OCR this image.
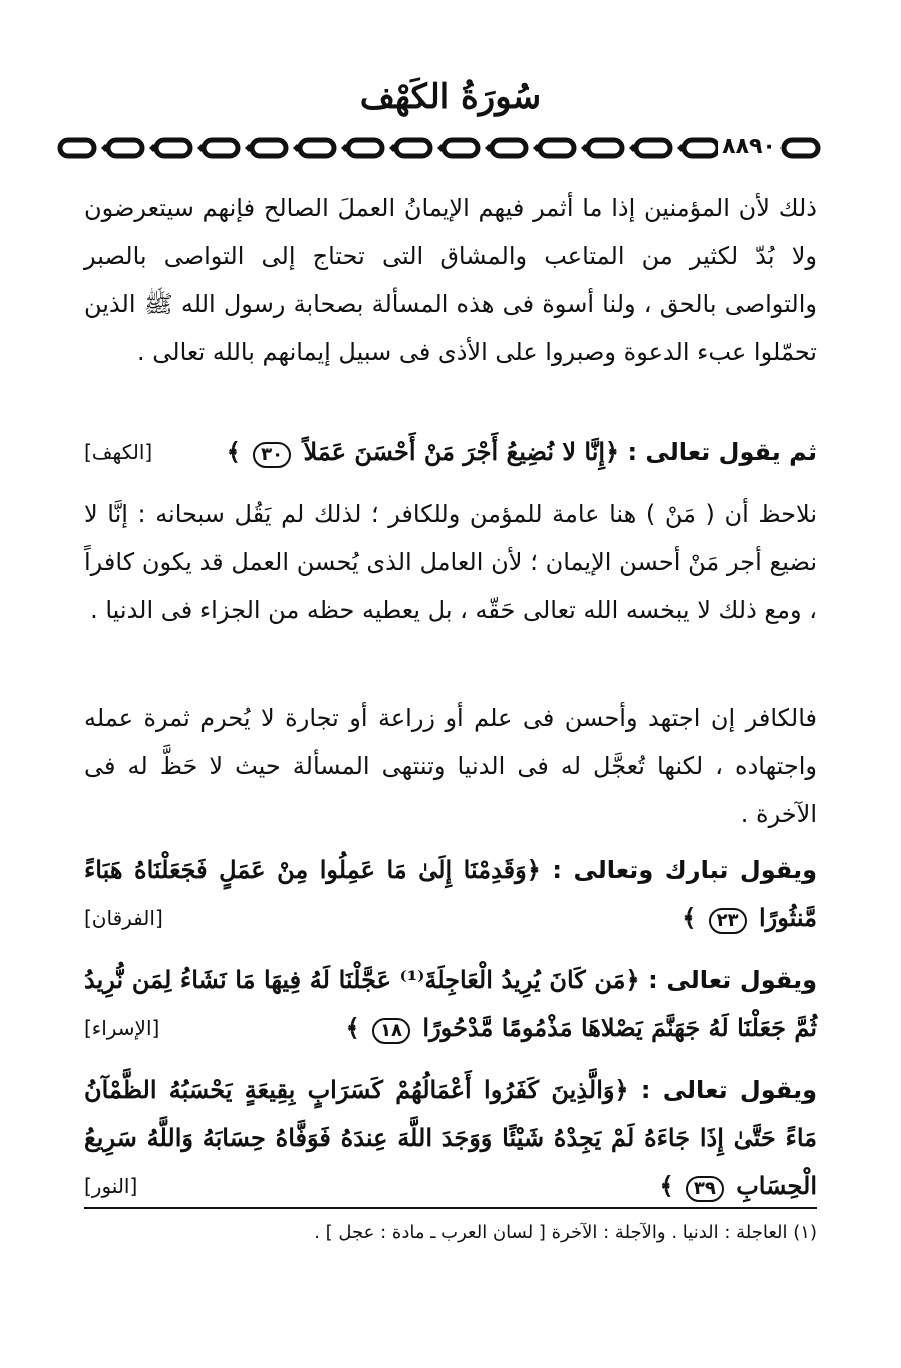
سُورَةُ الكَهْف
٨٨٩٠

ذلك لأن المؤمنين إذا ما أثمر فيهم الإيمانُ العملَ الصالح فإنهم سيتعرضون ولا بُدّ لكثير من المتاعب والمشاق التى تحتاج إلى التواصى بالصبر والتواصى بالحق ، ولنا أسوة فى هذه المسألة بصحابة رسول الله ﷺ الذين تحمّلوا عبء الدعوة وصبروا على الأذى فى سبيل إيمانهم بالله تعالى .

ثم يقول تعالى : ﴿إِنَّا لا نُضِيعُ أَجْرَ مَنْ أَحْسَنَ عَمَلاً ٣٠ ﴾
[الكهف]

نلاحظ أن ( مَنْ ) هنا عامة للمؤمن وللكافر ؛ لذلك لم يَقُل سبحانه : إنَّا لا نضيع أجر مَنْ أحسن الإيمان ؛ لأن العامل الذى يُحسن العمل قد يكون كافراً ، ومع ذلك لا يبخسه الله تعالى حَقّه ، بل يعطيه حظه من الجزاء فى الدنيا .

فالكافر إن اجتهد وأحسن فى علم أو زراعة أو تجارة لا يُحرم ثمرة عمله واجتهاده ، لكنها تُعجَّل له فى الدنيا وتنتهى المسألة حيث لا حَظَّ له فى الآخرة .

ويقول تبارك وتعالى : ﴿وَقَدِمْنَا إِلَىٰ مَا عَمِلُوا مِنْ عَمَلٍ فَجَعَلْنَاهُ هَبَاءً مَّنثُورًا ٢٣ ﴾
[الفرقان]

ويقول تعالى : ﴿مَن كَانَ يُرِيدُ الْعَاجِلَةَ⁽¹⁾ عَجَّلْنَا لَهُ فِيهَا مَا نَشَاءُ لِمَن نُّرِيدُ ثُمَّ جَعَلْنَا لَهُ جَهَنَّمَ يَصْلاهَا مَذْمُومًا مَّدْحُورًا ١٨ ﴾
[الإسراء]

ويقول تعالى : ﴿وَالَّذِينَ كَفَرُوا أَعْمَالُهُمْ كَسَرَابٍ بِقِيعَةٍ يَحْسَبُهُ الظَّمْآنُ مَاءً حَتَّىٰ إِذَا جَاءَهُ لَمْ يَجِدْهُ شَيْئًا وَوَجَدَ اللَّهَ عِندَهُ فَوَفَّاهُ حِسَابَهُ وَاللَّهُ سَرِيعُ الْحِسَابِ ٣٩ ﴾
[النور]

(١) العاجلة : الدنيا . والآجلة : الآخرة [ لسان العرب ـ مادة : عجل ] .
